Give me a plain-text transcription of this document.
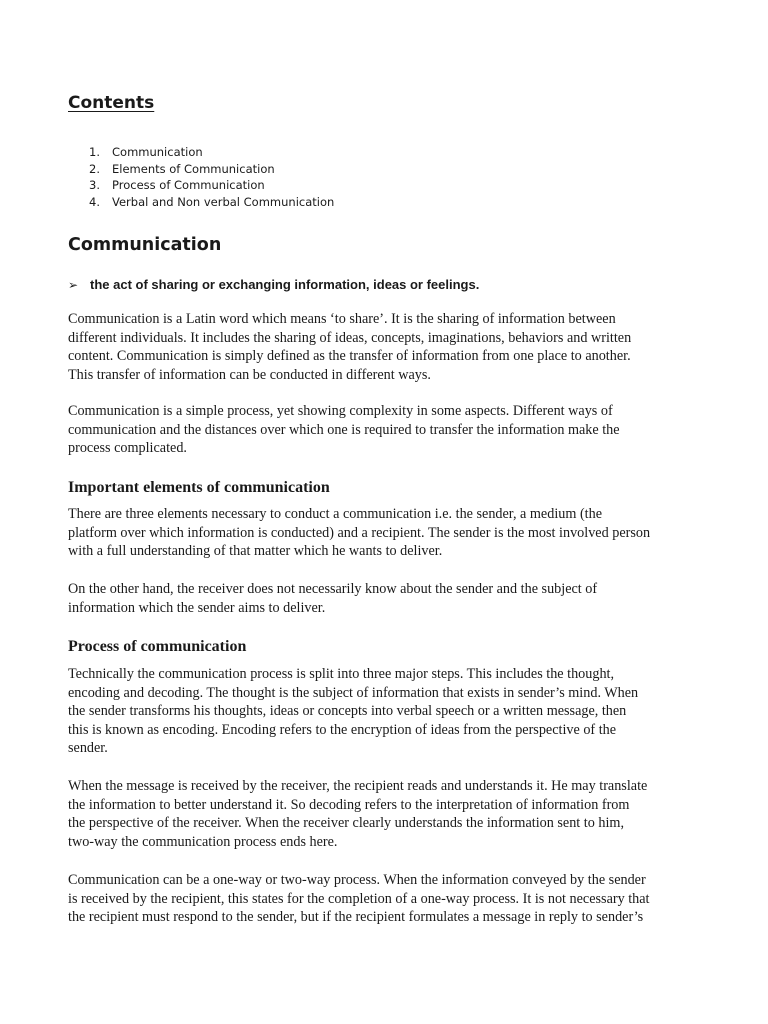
Contents
1. Communication
2. Elements of Communication
3. Process of Communication
4. Verbal and Non verbal Communication
Communication
➢ the act of sharing or exchanging information, ideas or feelings.

Communication is a Latin word which means ‘to share’. It is the sharing of information between
different individuals. It includes the sharing of ideas, concepts, imaginations, behaviors and written
content. Communication is simply defined as the transfer of information from one place to another.
This transfer of information can be conducted in different ways.

Communication is a simple process, yet showing complexity in some aspects. Different ways of
communication and the distances over which one is required to transfer the information make the
process complicated.

Important elements of communication

There are three elements necessary to conduct a communication i.e. the sender, a medium (the
platform over which information is conducted) and a recipient. The sender is the most involved person
with a full understanding of that matter which he wants to deliver.

On the other hand, the receiver does not necessarily know about the sender and the subject of
information which the sender aims to deliver.

Process of communication

Technically the communication process is split into three major steps. This includes the thought,
encoding and decoding. The thought is the subject of information that exists in sender’s mind. When
the sender transforms his thoughts, ideas or concepts into verbal speech or a written message, then
this is known as encoding. Encoding refers to the encryption of ideas from the perspective of the
sender.

When the message is received by the receiver, the recipient reads and understands it. He may translate
the information to better understand it. So decoding refers to the interpretation of information from
the perspective of the receiver. When the receiver clearly understands the information sent to him,
two-way the communication process ends here.

Communication can be a one-way or two-way process. When the information conveyed by the sender
is received by the recipient, this states for the completion of a one-way process. It is not necessary that
the recipient must respond to the sender, but if the recipient formulates a message in reply to sender’s
